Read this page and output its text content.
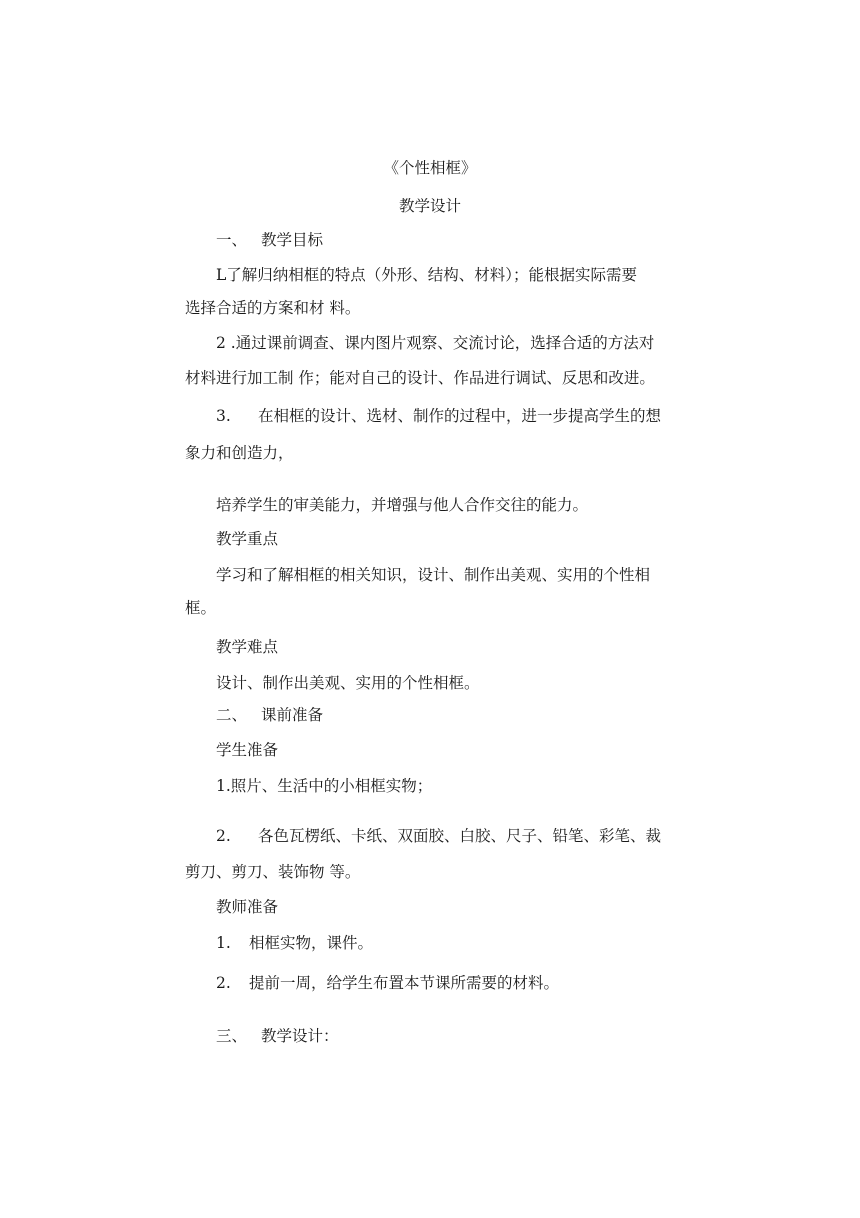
《个性相框》
教学设计
一、 教学目标
L了解归纳相框的特点（外形、结构、材料）；能根据实际需要
选择合适的方案和材 料。
2 .通过课前调查、课内图片观察、交流讨论，选择合适的方法对
材料进行加工制 作；能对自己的设计、作品进行调试、反思和改进。
3. 在相框的设计、选材、制作的过程中，进一步提高学生的想
象力和创造力，
培养学生的审美能力，并增强与他人合作交往的能力。
教学重点
学习和了解相框的相关知识，设计、制作出美观、实用的个性相
框。
教学难点
设计、制作出美观、实用的个性相框。
二、 课前准备
学生准备
1.照片、生活中的小相框实物；
2. 各色瓦楞纸、卡纸、双面胶、白胶、尺子、铅笔、彩笔、裁
剪刀、剪刀、装饰物 等。
教师准备
1. 相框实物，课件。
2. 提前一周，给学生布置本节课所需要的材料。
三、 教学设计：
